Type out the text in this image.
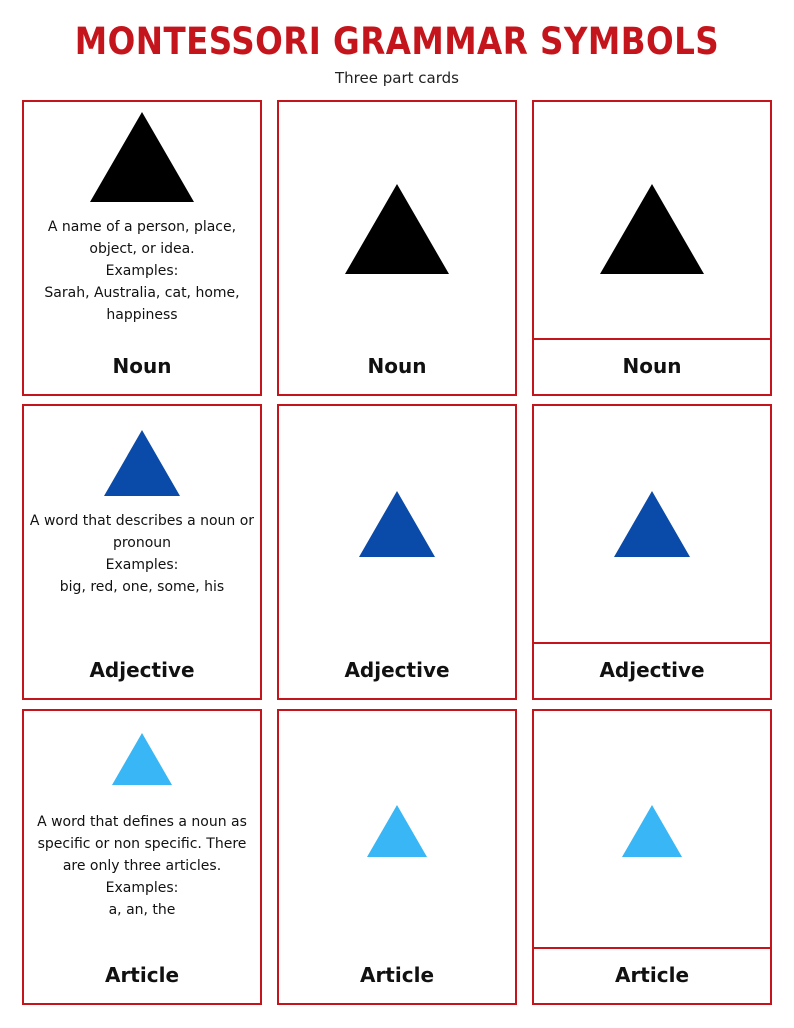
MONTESSORI GRAMMAR SYMBOLS
Three part cards
A name of a person, place,
object, or idea.
Examples:
Sarah, Australia, cat, home,
happiness
Noun	Noun	Noun
A word that describes a noun or
pronoun
Examples:
big, red, one, some, his
Adjective	Adjective	Adjective
A word that defines a noun as
specific or non specific. There
are only three articles.
Examples:
a, an, the
Article	Article	Article
